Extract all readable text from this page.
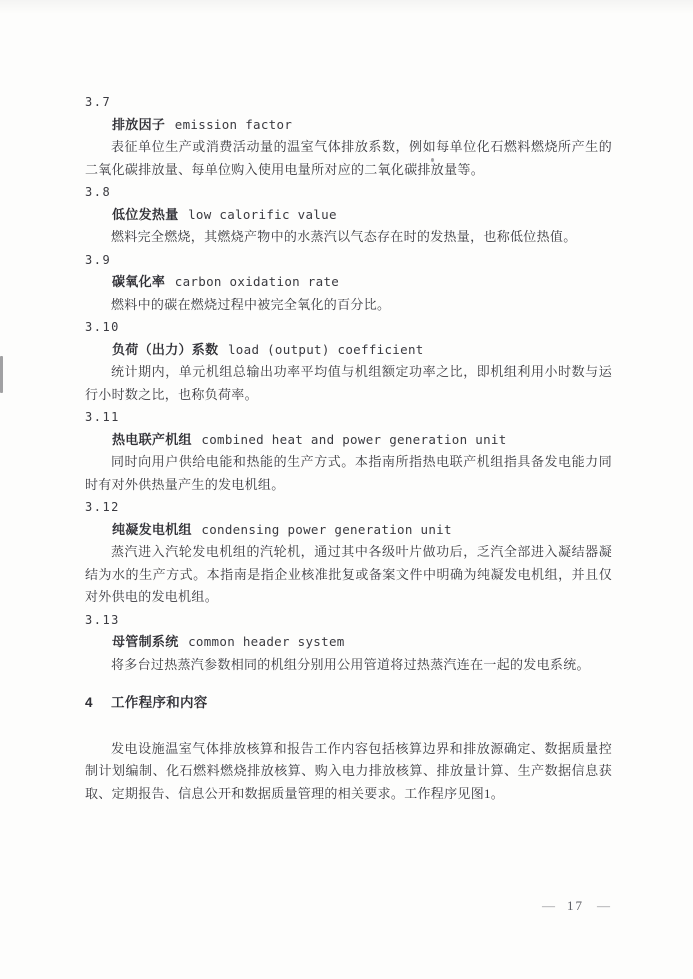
3.7
排放因子 emission factor

表征单位生产或消费活动量的温室气体排放系数，例如每单位化石燃料燃烧所产生的二氧化碳排放量、每单位购入使用电量所对应的二氧化碳排放量等。

3.8
低位发热量 low calorific value

燃料完全燃烧，其燃烧产物中的水蒸汽以气态存在时的发热量，也称低位热值。

3.9
碳氧化率 carbon oxidation rate

燃料中的碳在燃烧过程中被完全氧化的百分比。

3.10
负荷（出力）系数 load (output) coefficient

统计期内，单元机组总输出功率平均值与机组额定功率之比，即机组利用小时数与运行小时数之比，也称负荷率。

3.11
热电联产机组 combined heat and power generation unit

同时向用户供给电能和热能的生产方式。本指南所指热电联产机组指具备发电能力同时有对外供热量产生的发电机组。

3.12
纯凝发电机组 condensing power generation unit

蒸汽进入汽轮发电机组的汽轮机，通过其中各级叶片做功后，乏汽全部进入凝结器凝结为水的生产方式。本指南是指企业核准批复或备案文件中明确为纯凝发电机组，并且仅对外供电的发电机组。

3.13
母管制系统 common header system

将多台过热蒸汽参数相同的机组分别用公用管道将过热蒸汽连在一起的发电系统。

4 工作程序和内容

发电设施温室气体排放核算和报告工作内容包括核算边界和排放源确定、数据质量控制计划编制、化石燃料燃烧排放核算、购入电力排放核算、排放量计算、生产数据信息获取、定期报告、信息公开和数据质量管理的相关要求。工作程序见图1。

— 17 —
